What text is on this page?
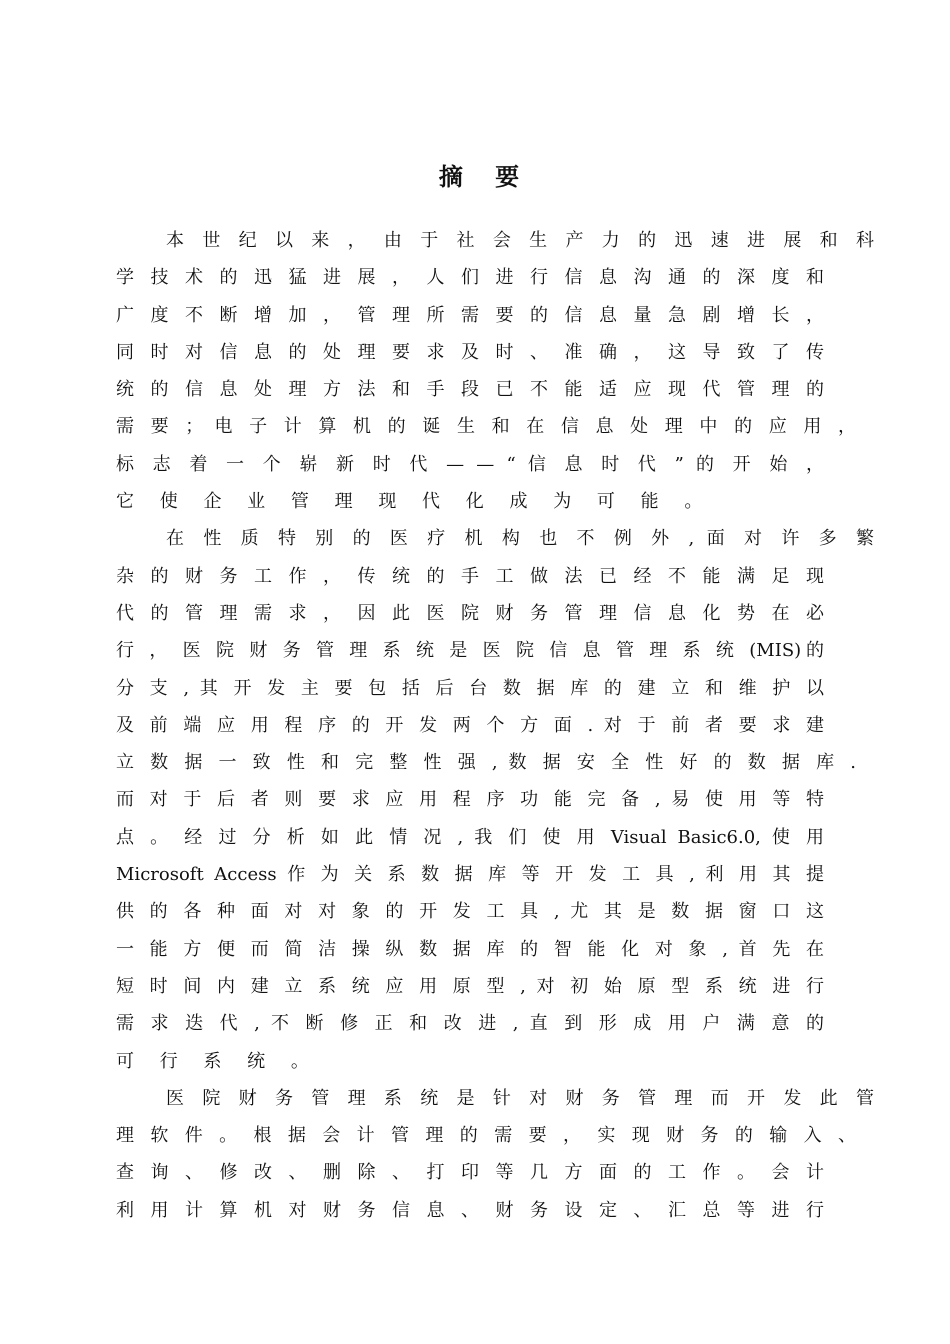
摘 要
本 世 纪 以 来 ， 由 于 社 会 生 产 力 的 迅 速 进 展 和 科
学 技 术 的 迅 猛 进 展 ， 人 们 进 行 信 息 沟 通 的 深 度 和
广 度 不 断 增 加 ， 管 理 所 需 要 的 信 息 量 急 剧 增 长 ，
同 时 对 信 息 的 处 理 要 求 及 时 、 准 确 ， 这 导 致 了 传
统 的 信 息 处 理 方 法 和 手 段 已 不 能 适 应 现 代 管 理 的
需 要 ； 电 子 计 算 机 的 诞 生 和 在 信 息 处 理 中 的 应 用 ，
标 志 着 一 个 崭 新 时 代 — — “ 信 息 时 代 ” 的 开 始 ，
它 使 企 业 管 理 现 代 化 成 为 可 能 。
在 性 质 特 别 的 医 疗 机 构 也 不 例 外 , 面 对 许 多 繁
杂 的 财 务 工 作 ， 传 统 的 手 工 做 法 已 经 不 能 满 足 现
代 的 管 理 需 求 ， 因 此 医 院 财 务 管 理 信 息 化 势 在 必
行 ， 医 院 财 务 管 理 系 统 是 医 院 信 息 管 理 系 统 (MIS)的
分 支 , 其 开 发 主 要 包 括 后 台 数 据 库 的 建 立 和 维 护 以
及 前 端 应 用 程 序 的 开 发 两 个 方 面 . 对 于 前 者 要 求 建
立 数 据 一 致 性 和 完 整 性 强 , 数 据 安 全 性 好 的 数 据 库 .
而 对 于 后 者 则 要 求 应 用 程 序 功 能 完 备 , 易 使 用 等 特
点 。 经 过 分 析 如 此 情 况 , 我 们 使 用 Visual Basic6.0, 使 用
Microsoft Access 作 为 关 系 数 据 库 等 开 发 工 具 , 利 用 其 提
供 的 各 种 面 对 对 象 的 开 发 工 具 , 尤 其 是 数 据 窗 口 这
一 能 方 便 而 简 洁 操 纵 数 据 库 的 智 能 化 对 象 , 首 先 在
短 时 间 内 建 立 系 统 应 用 原 型 , 对 初 始 原 型 系 统 进 行
需 求 迭 代 , 不 断 修 正 和 改 进 , 直 到 形 成 用 户 满 意 的
可 行 系 统 。
医 院 财 务 管 理 系 统 是 针 对 财 务 管 理 而 开 发 此 管
理 软 件 。 根 据 会 计 管 理 的 需 要 ， 实 现 财 务 的 输 入 、
查 询 、 修 改 、 删 除 、 打 印 等 几 方 面 的 工 作 。 会 计
利 用 计 算 机 对 财 务 信 息 、 财 务 设 定 、 汇 总 等 进 行
